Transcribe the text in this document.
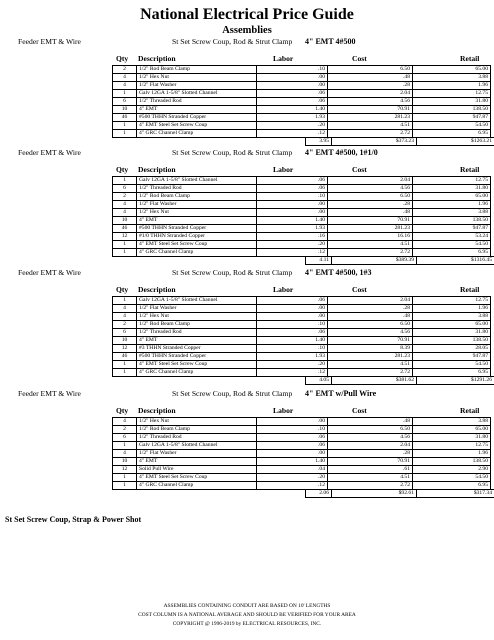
National Electrical Price Guide
Assemblies
Feeder EMT & Wire	St Set Screw Coup, Rod & Strut Clamp 4" EMT 4#500
Qty Description	Labor	Cost	Retail
2	1/2" Rod Beam Clamp	.10	6.50	65.00
4	1/2" Hex Nut	.00	.48	3.88
4	1/2" Flat Washer	.00	.28	1.96
1	Galv 12GA 1-5/8" Slotted Channel	.06	2.04	12.75
6	1/2" Threaded Rod	.06	4.56	31.80
10	4" EMT	1.40	70.91	138.50
46	#500 THHN Stranded Copper	1.93	281.23	947.87
1	4" EMT Steel Set Screw Coup	.20	4.51	54.50
1	4" GRC Channel Clamp	.12	2.72	6.95
3.95	$373.23	$1263.21
Feeder EMT & Wire	St Set Screw Coup, Rod & Strut Clamp 4" EMT 4#500, 1#1/0
Qty Description	Labor	Cost	Retail
1	Galv 12GA 1-5/8" Slotted Channel	.06	2.04	12.75
6	1/2" Threaded Rod	.06	4.56	31.80
2	1/2" Rod Beam Clamp	.10	6.50	65.00
4	1/2" Flat Washer	.00	.28	1.96
4	1/2" Hex Nut	.00	.48	3.88
10	4" EMT	1.40	70.91	138.50
46	#500 THHN Stranded Copper	1.93	281.23	947.87
12	#1/0 THHN Stranded Copper	.16	16.16	53.24
1	4" EMT Steel Set Screw Coup	.20	4.51	54.50
1	4" GRC Channel Clamp	.12	2.72	6.95
4.11	$389.39	$1316.45
Feeder EMT & Wire	St Set Screw Coup, Rod & Strut Clamp 4" EMT 4#500, 1#3
Qty Description	Labor	Cost	Retail
1	Galv 12GA 1-5/8" Slotted Channel	.06	2.04	12.75
4	1/2" Flat Washer	.00	.28	1.96
4	1/2" Hex Nut	.00	.48	3.88
2	1/2" Rod Beam Clamp	.10	6.50	65.00
6	1/2" Threaded Rod	.06	4.56	31.80
10	4" EMT	1.40	70.91	138.50
12	#3 THHN Stranded Copper	.10	8.39	28.05
46	#500 THHN Stranded Copper	1.93	281.23	947.87
1	4" EMT Steel Set Screw Coup	.20	4.51	54.50
1	4" GRC Channel Clamp	.12	2.72	6.95
4.05	$381.62	$1291.26
Feeder EMT & Wire	St Set Screw Coup, Rod & Strut Clamp 4" EMT w/Pull Wire
Qty Description	Labor	Cost	Retail
4	1/2" Hex Nut	.00	.48	3.88
2	1/2" Rod Beam Clamp	.10	6.50	65.00
6	1/2" Threaded Rod	.06	4.56	31.80
1	Galv 12GA 1-5/8" Slotted Channel	.06	2.04	12.75
4	1/2" Flat Washer	.00	.28	1.96
10	4" EMT	1.40	70.91	138.50
12	Solid Pull Wire	.04	.61	2.90
1	4" EMT Steel Set Screw Coup	.20	4.51	54.50
1	4" GRC Channel Clamp	.12	2.72	6.95
2.06	$92.61	$317.34
St Set Screw Coup, Strap & Power Shot
ASSEMBLIES CONTAINING CONDUIT ARE BASED ON 10' LENGTHS
COST COLUMN IS A NATIONAL AVERAGE AND SHOULD BE VERIFIED FOR YOUR AREA
COPYRIGHT @ 1996-2019 by ELECTRICAL RESOURCES, INC.
